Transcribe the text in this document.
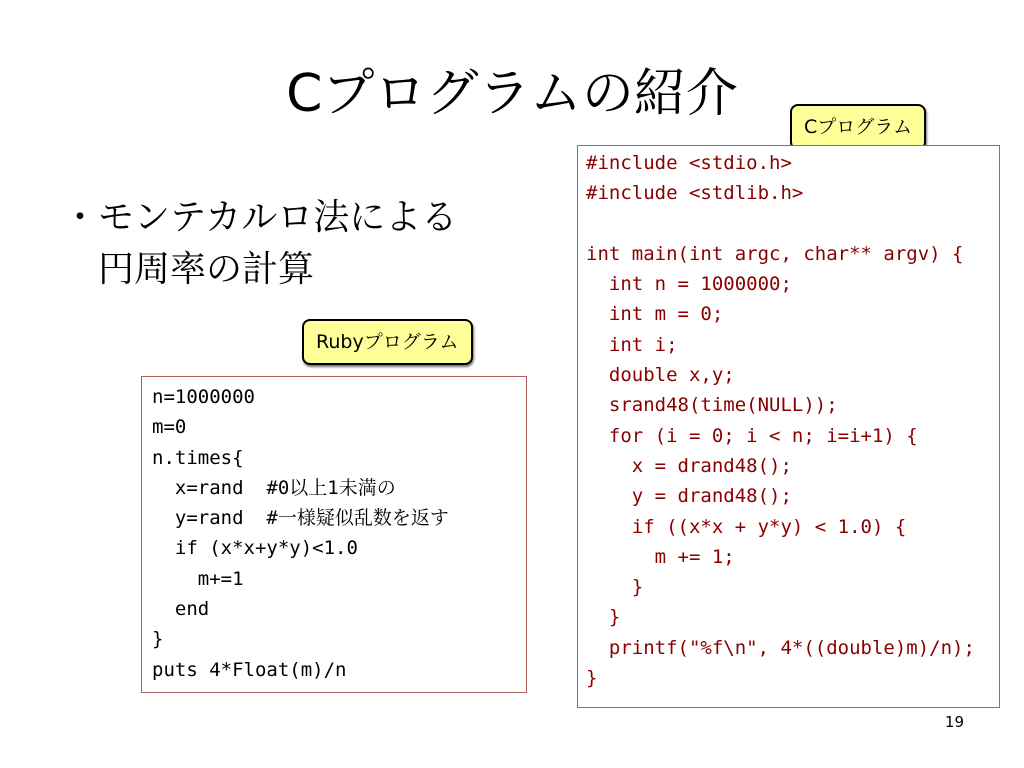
Cプログラムの紹介
・ モンテカルロ法による
円周率の計算
Cプログラム
Rubyプログラム
#include <stdio.h>
#include <stdlib.h>
int main(int argc, char** argv) {
int n = 1000000;
int m = 0;
int i;
double x,y;
srand48(time(NULL));
for (i = 0; i < n; i=i+1) {
x = drand48();
y = drand48();
if ((x*x + y*y) < 1.0) {
m += 1;
}
}
printf("%f\n", 4*((double)m)/n);
}
n=1000000
m=0
n.times{
x=rand  #0以上1未満の
y=rand  #一様疑似乱数を返す
if (x*x+y*y)<1.0
m+=1
end
}
puts 4*Float(m)/n
19
